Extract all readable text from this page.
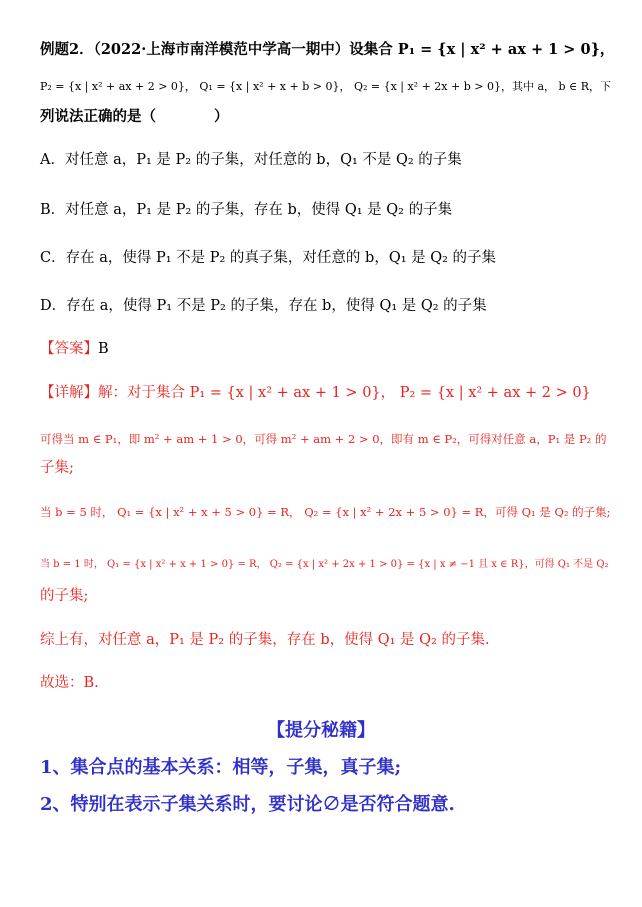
例题2．（2022·上海市南洋模范中学高一期中）设集合 P₁ = {x | x² + ax + 1 > 0}，
P₂ = {x | x² + ax + 2 > 0}， Q₁ = {x | x² + x + b > 0}， Q₂ = {x | x² + 2x + b > 0}，其中 a， b ∈ R，下
列说法正确的是（　　　　）
A．对任意 a，P₁ 是 P₂ 的子集，对任意的 b，Q₁ 不是 Q₂ 的子集
B．对任意 a，P₁ 是 P₂ 的子集，存在 b，使得 Q₁ 是 Q₂ 的子集
C．存在 a，使得 P₁ 不是 P₂ 的真子集，对任意的 b，Q₁ 是 Q₂ 的子集
D．存在 a，使得 P₁ 不是 P₂ 的子集，存在 b，使得 Q₁ 是 Q₂ 的子集
【答案】B
【详解】解：对于集合 P₁ = {x | x² + ax + 1 > 0}， P₂ = {x | x² + ax + 2 > 0}
可得当 m ∈ P₁，即 m² + am + 1 > 0，可得 m² + am + 2 > 0，即有 m ∈ P₂，可得对任意 a，P₁ 是 P₂ 的
子集;
当 b = 5 时， Q₁ = {x | x² + x + 5 > 0} = R， Q₂ = {x | x² + 2x + 5 > 0} = R，可得 Q₁ 是 Q₂ 的子集;
当 b = 1 时， Q₁ = {x | x² + x + 1 > 0} = R， Q₂ = {x | x² + 2x + 1 > 0} = {x | x ≠ −1 且 x ∈ R}，可得 Q₁ 不是 Q₂
的子集;
综上有，对任意 a，P₁ 是 P₂ 的子集，存在 b，使得 Q₁ 是 Q₂ 的子集.
故选：B.
【提分秘籍】
1、集合点的基本关系：相等，子集，真子集;
2、特别在表示子集关系时，要讨论∅是否符合题意.
